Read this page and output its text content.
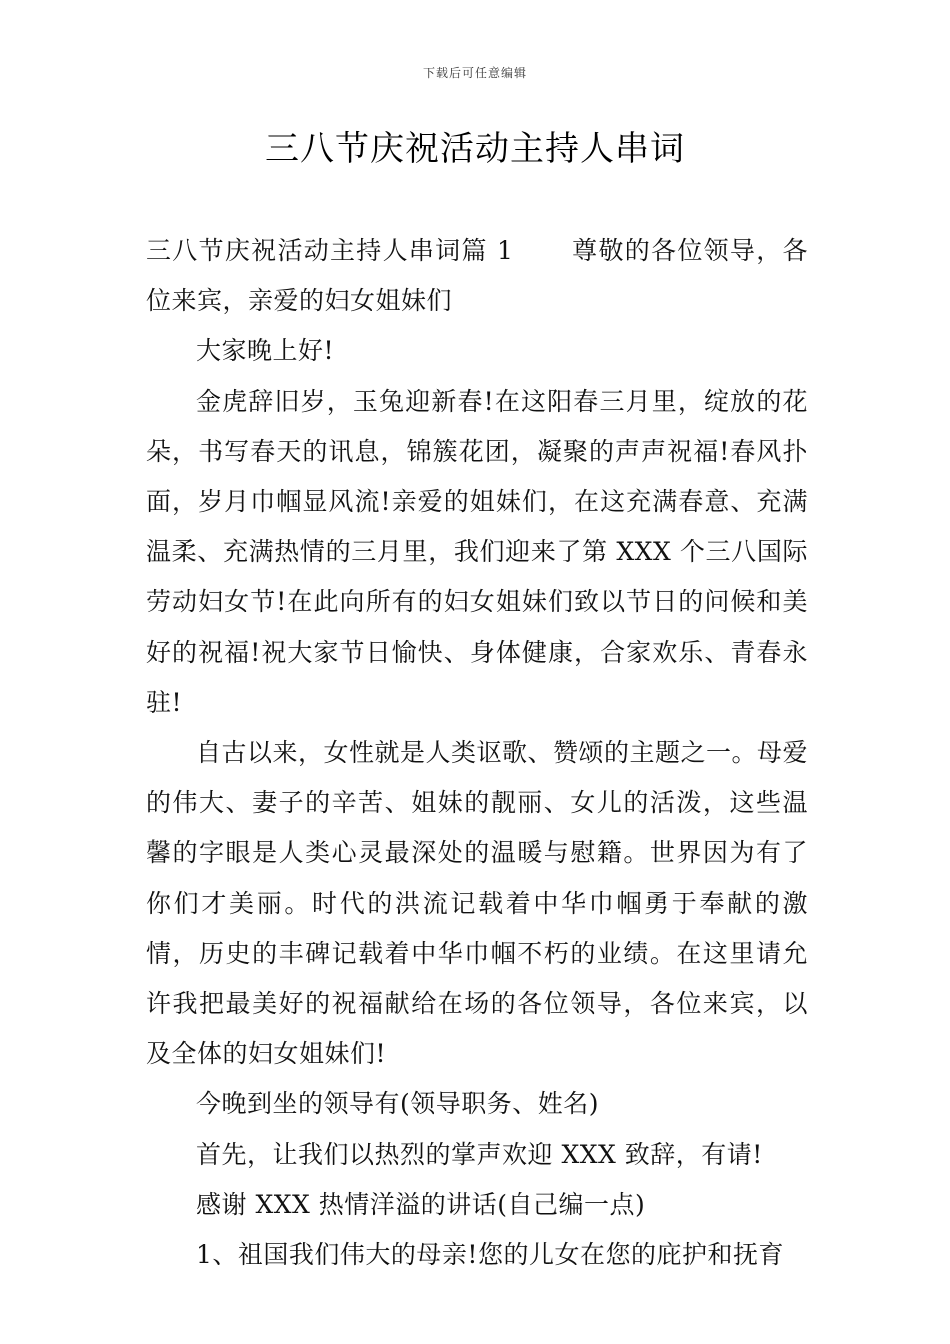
下载后可任意编辑
三八节庆祝活动主持人串词

三八节庆祝活动主持人串词篇 1 尊敬的各位领导，各位来宾，亲爱的妇女姐妹们

大家晚上好!

金虎辞旧岁，玉兔迎新春!在这阳春三月里，绽放的花朵，书写春天的讯息，锦簇花团，凝聚的声声祝福!春风扑面，岁月巾帼显风流!亲爱的姐妹们，在这充满春意、充满温柔、充满热情的三月里，我们迎来了第 XXX 个三八国际劳动妇女节!在此向所有的妇女姐妹们致以节日的问候和美好的祝福!祝大家节日愉快、身体健康，合家欢乐、青春永驻!

自古以来，女性就是人类讴歌、赞颂的主题之一。母爱的伟大、妻子的辛苦、姐妹的靓丽、女儿的活泼，这些温馨的字眼是人类心灵最深处的温暖与慰籍。世界因为有了你们才美丽。时代的洪流记载着中华巾帼勇于奉献的激情，历史的丰碑记载着中华巾帼不朽的业绩。在这里请允许我把最美好的祝福献给在场的各位领导，各位来宾，以及全体的妇女姐妹们!

今晚到坐的领导有(领导职务、姓名)

首先，让我们以热烈的掌声欢迎 XXX 致辞，有请!

感谢 XXX 热情洋溢的讲话(自己编一点)

1、祖国我们伟大的母亲!您的儿女在您的庇护和抚育
